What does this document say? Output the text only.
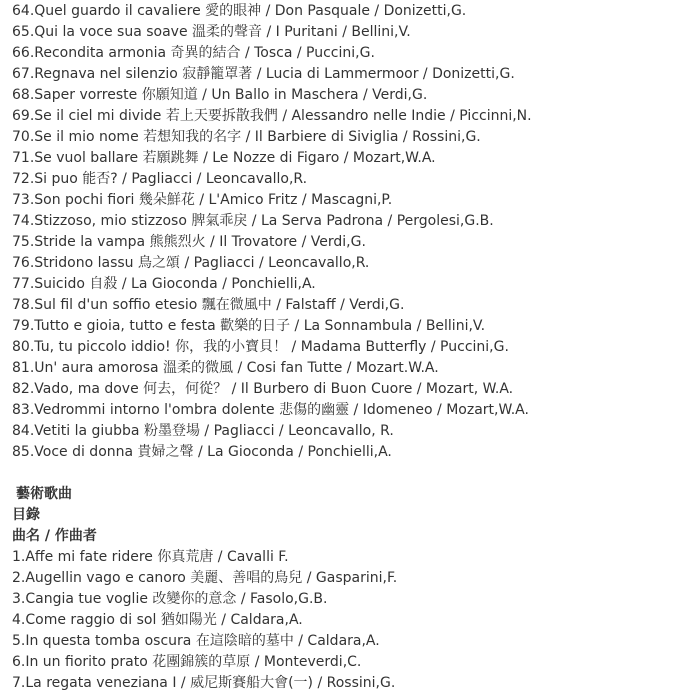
64.Quel guardo il cavaliere 愛的眼神 / Don Pasquale / Donizetti,G.
65.Qui la voce sua soave 溫柔的聲音 / I Puritani / Bellini,V.
66.Recondita armonia 奇異的結合 / Tosca / Puccini,G.
67.Regnava nel silenzio 寂靜籠罩著 / Lucia di Lammermoor / Donizetti,G.
68.Saper vorreste 你願知道 / Un Ballo in Maschera / Verdi,G.
69.Se il ciel mi divide 若上天要拆散我們 / Alessandro nelle Indie / Piccinni,N.
70.Se il mio nome 若想知我的名字 / Il Barbiere di Siviglia / Rossini,G.
71.Se vuol ballare 若願跳舞 / Le Nozze di Figaro / Mozart,W.A.
72.Si puo 能否? / Pagliacci / Leoncavallo,R.
73.Son pochi fiori 幾朵鮮花 / L'Amico Fritz / Mascagni,P.
74.Stizzoso, mio stizzoso 脾氣乖戾 / La Serva Padrona / Pergolesi,G.B.
75.Stride la vampa 熊熊烈火 / Il Trovatore / Verdi,G.
76.Stridono lassu 鳥之頌 / Pagliacci / Leoncavallo,R.
77.Suicido 自殺 / La Gioconda / Ponchielli,A.
78.Sul fil d'un soffio etesio 飄在微風中 / Falstaff / Verdi,G.
79.Tutto e gioia, tutto e festa 歡樂的日子 / La Sonnambula / Bellini,V.
80.Tu, tu piccolo iddio! 你，我的小寶貝！ / Madama Butterfly / Puccini,G.
81.Un' aura amorosa 溫柔的微風 / Cosi fan Tutte / Mozart.W.A.
82.Vado, ma dove 何去，何從？ / Il Burbero di Buon Cuore / Mozart, W.A.
83.Vedrommi intorno l'ombra dolente 悲傷的幽靈 / Idomeneo / Mozart,W.A.
84.Vetiti la giubba 粉墨登場 / Pagliacci / Leoncavallo, R.
85.Voce di donna 貴婦之聲 / La Gioconda / Ponchielli,A.
藝術歌曲
目錄
曲名 / 作曲者
1.Affe mi fate ridere 你真荒唐 / Cavalli F.
2.Augellin vago e canoro 美麗、善唱的鳥兒 / Gasparini,F.
3.Cangia tue voglie 改變你的意念 / Fasolo,G.B.
4.Come raggio di sol 猶如陽光 / Caldara,A.
5.In questa tomba oscura 在這陰暗的墓中 / Caldara,A.
6.In un fiorito prato 花團錦簇的草原 / Monteverdi,C.
7.La regata veneziana I / 威尼斯賽船大會(一) / Rossini,G.
